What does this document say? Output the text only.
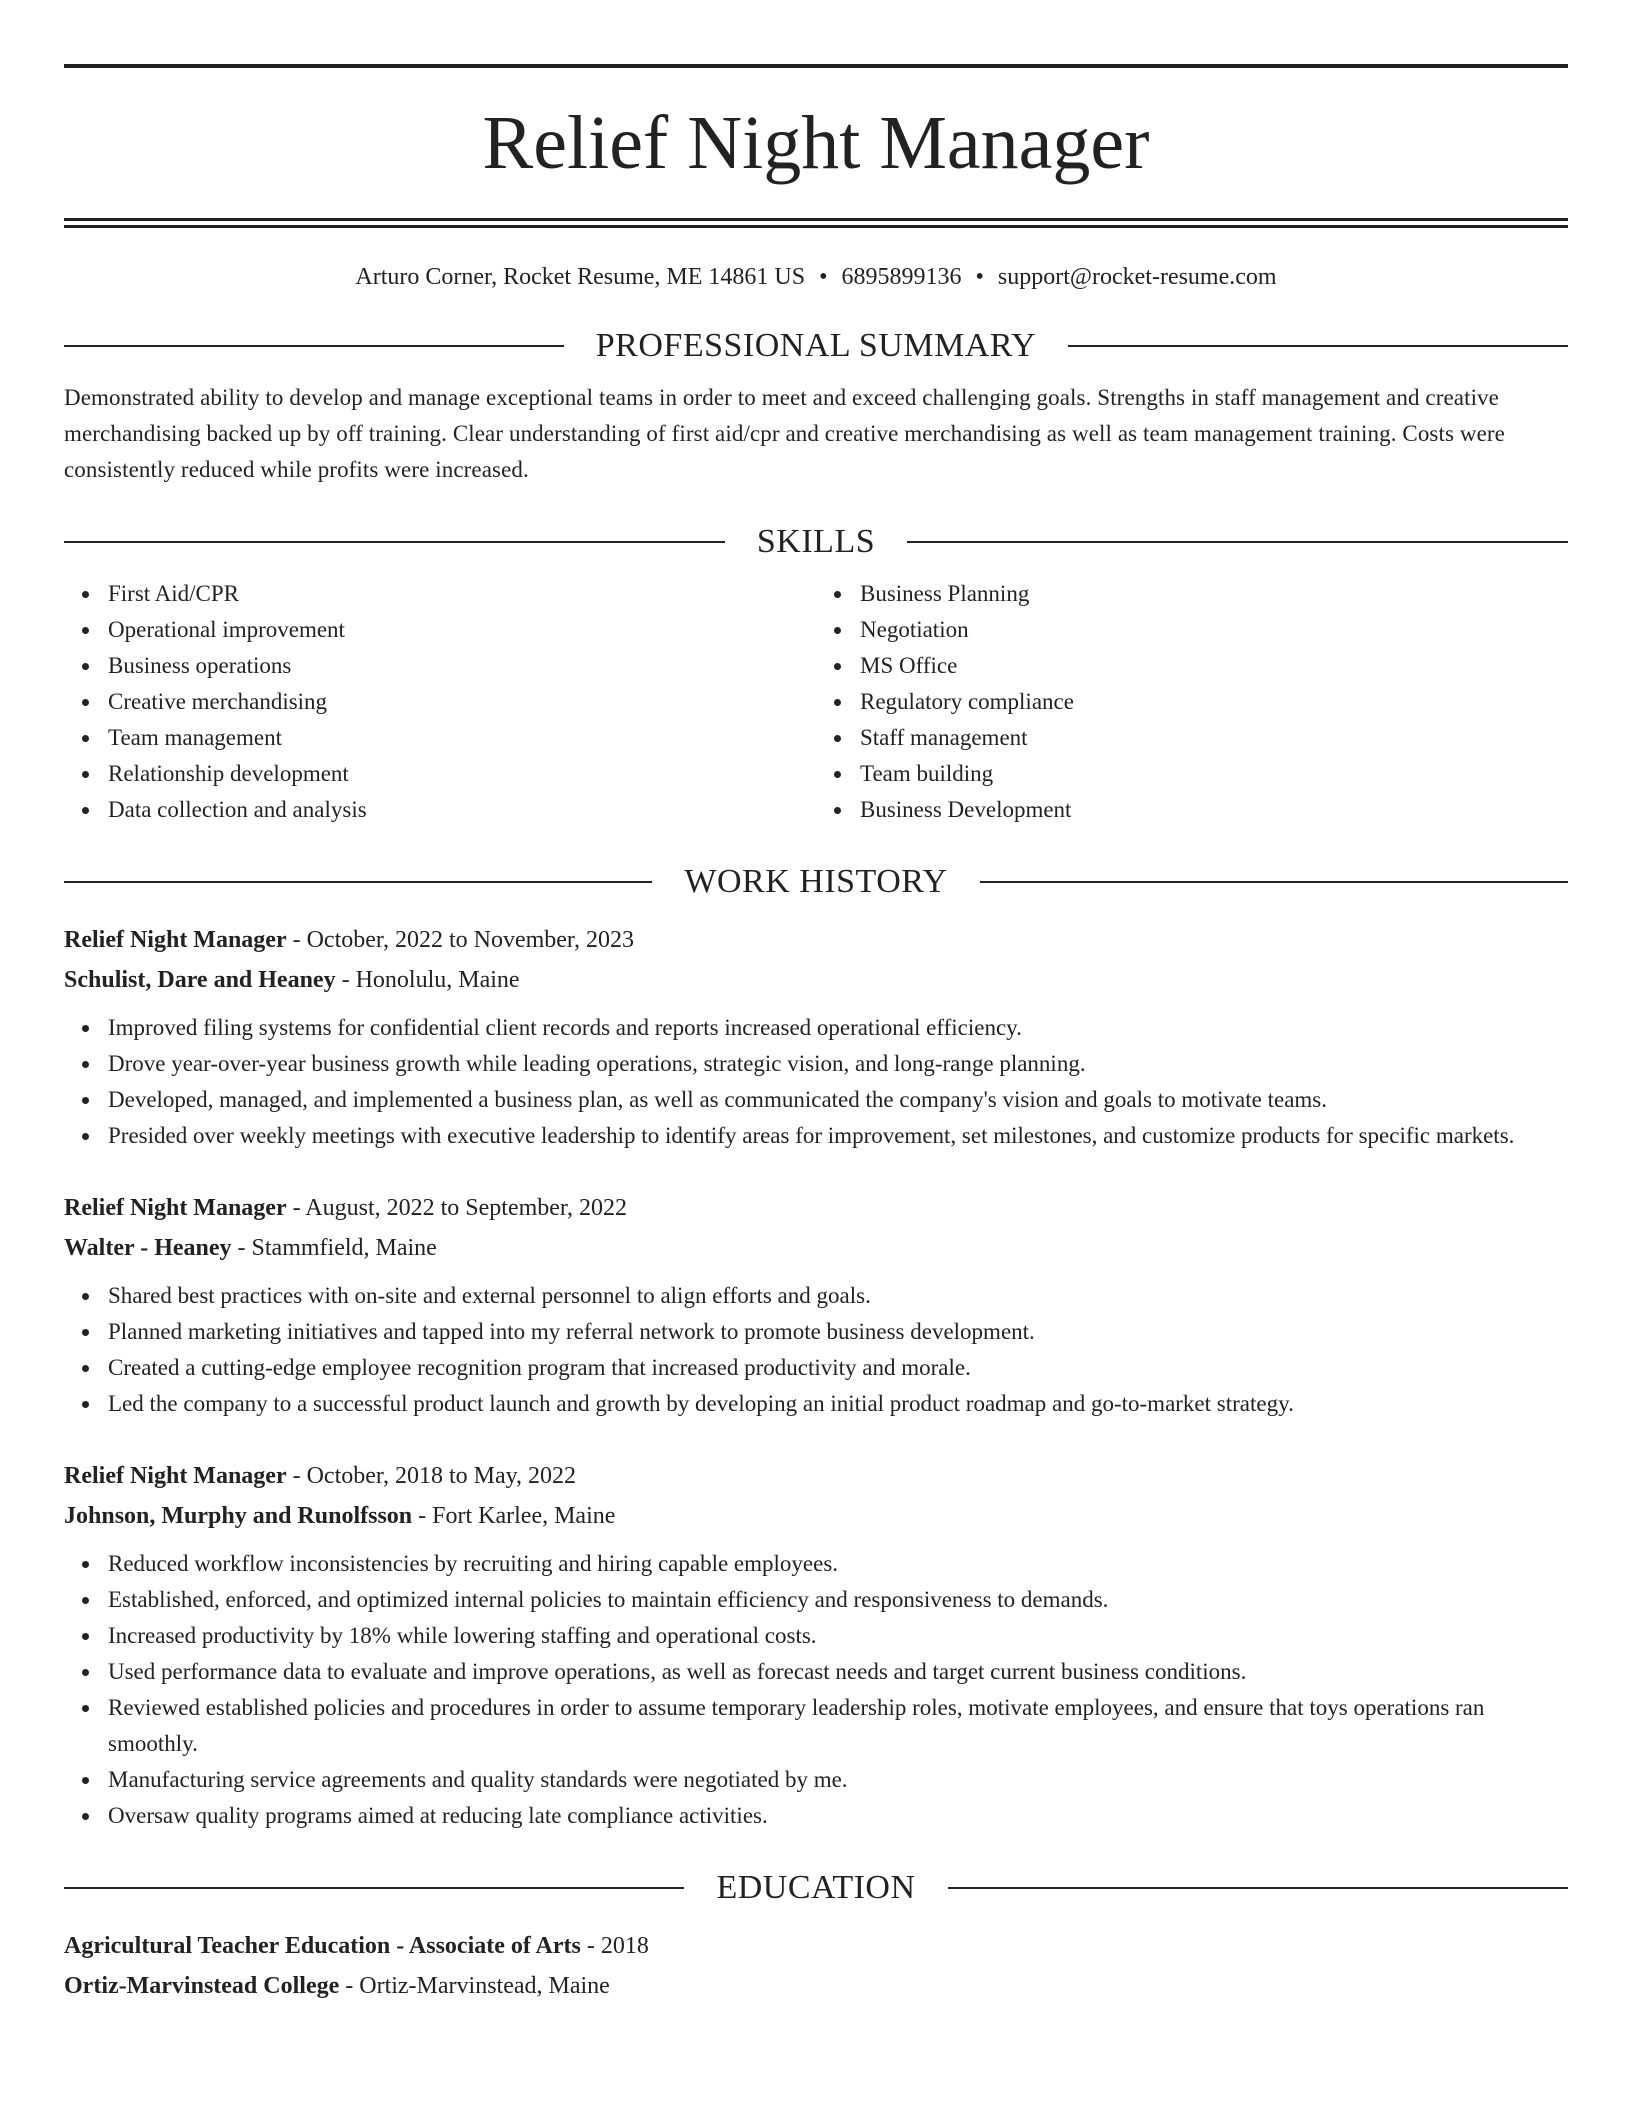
Relief Night Manager
Arturo Corner, Rocket Resume, ME 14861 US • 6895899136 • support@rocket-resume.com
PROFESSIONAL SUMMARY
Demonstrated ability to develop and manage exceptional teams in order to meet and exceed challenging goals. Strengths in staff management and creative merchandising backed up by off training. Clear understanding of first aid/cpr and creative merchandising as well as team management training. Costs were consistently reduced while profits were increased.
SKILLS
First Aid/CPR
Operational improvement
Business operations
Creative merchandising
Team management
Relationship development
Data collection and analysis
Business Planning
Negotiation
MS Office
Regulatory compliance
Staff management
Team building
Business Development
WORK HISTORY
Relief Night Manager - October, 2022 to November, 2023
Schulist, Dare and Heaney - Honolulu, Maine
Improved filing systems for confidential client records and reports increased operational efficiency.
Drove year-over-year business growth while leading operations, strategic vision, and long-range planning.
Developed, managed, and implemented a business plan, as well as communicated the company's vision and goals to motivate teams.
Presided over weekly meetings with executive leadership to identify areas for improvement, set milestones, and customize products for specific markets.
Relief Night Manager - August, 2022 to September, 2022
Walter - Heaney - Stammfield, Maine
Shared best practices with on-site and external personnel to align efforts and goals.
Planned marketing initiatives and tapped into my referral network to promote business development.
Created a cutting-edge employee recognition program that increased productivity and morale.
Led the company to a successful product launch and growth by developing an initial product roadmap and go-to-market strategy.
Relief Night Manager - October, 2018 to May, 2022
Johnson, Murphy and Runolfsson - Fort Karlee, Maine
Reduced workflow inconsistencies by recruiting and hiring capable employees.
Established, enforced, and optimized internal policies to maintain efficiency and responsiveness to demands.
Increased productivity by 18% while lowering staffing and operational costs.
Used performance data to evaluate and improve operations, as well as forecast needs and target current business conditions.
Reviewed established policies and procedures in order to assume temporary leadership roles, motivate employees, and ensure that toys operations ran smoothly.
Manufacturing service agreements and quality standards were negotiated by me.
Oversaw quality programs aimed at reducing late compliance activities.
EDUCATION
Agricultural Teacher Education - Associate of Arts - 2018
Ortiz-Marvinstead College - Ortiz-Marvinstead, Maine
